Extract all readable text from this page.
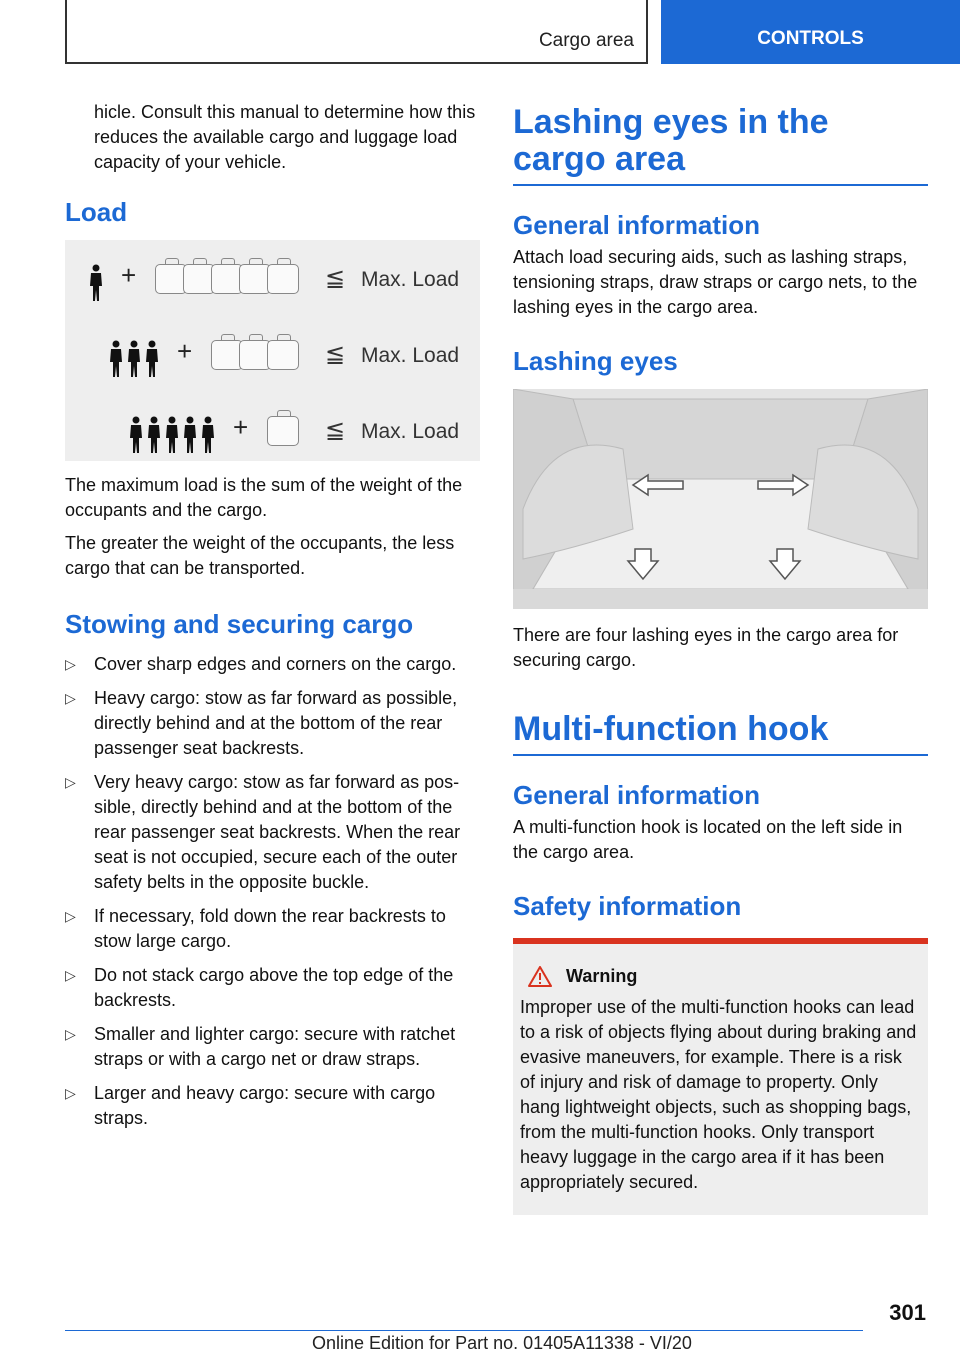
Cargo area	CONTROLS

hicle. Consult this manual to determine how this reduces the available cargo and luggage load capacity of your vehicle.

Load
+	≦ Max. Load
+	≦ Max. Load
+	≦ Max. Load

The maximum load is the sum of the weight of the occupants and the cargo.

The greater the weight of the occupants, the less cargo that can be transported.

Stowing and securing cargo
▷ Cover sharp edges and corners on the cargo.
▷ Heavy cargo: stow as far forward as possible, directly behind and at the bottom of the rear passenger seat backrests.
▷ Very heavy cargo: stow as far forward as possible, directly behind and at the bottom of the rear passenger seat backrests. When the rear seat is not occupied, secure each of the outer safety belts in the opposite buckle.
▷ If necessary, fold down the rear backrests to stow large cargo.
▷ Do not stack cargo above the top edge of the backrests.
▷ Smaller and lighter cargo: secure with ratchet straps or with a cargo net or draw straps.
▷ Larger and heavy cargo: secure with cargo straps.
Lashing eyes in the cargo area
General information

Attach load securing aids, such as lashing straps, tensioning straps, draw straps or cargo nets, to the lashing eyes in the cargo area.

Lashing eyes

There are four lashing eyes in the cargo area for securing cargo.

Multi-function hook
General information

A multi-function hook is located on the left side in the cargo area.

Safety information
Warning

Improper use of the multi-function hooks can lead to a risk of objects flying about during braking and evasive maneuvers, for example. There is a risk of injury and risk of damage to property. Only hang lightweight objects, such as shopping bags, from the multi-function hooks. Only transport heavy luggage in the cargo area if it has been appropriately secured.

301
Online Edition for Part no. 01405A11338 - VI/20
